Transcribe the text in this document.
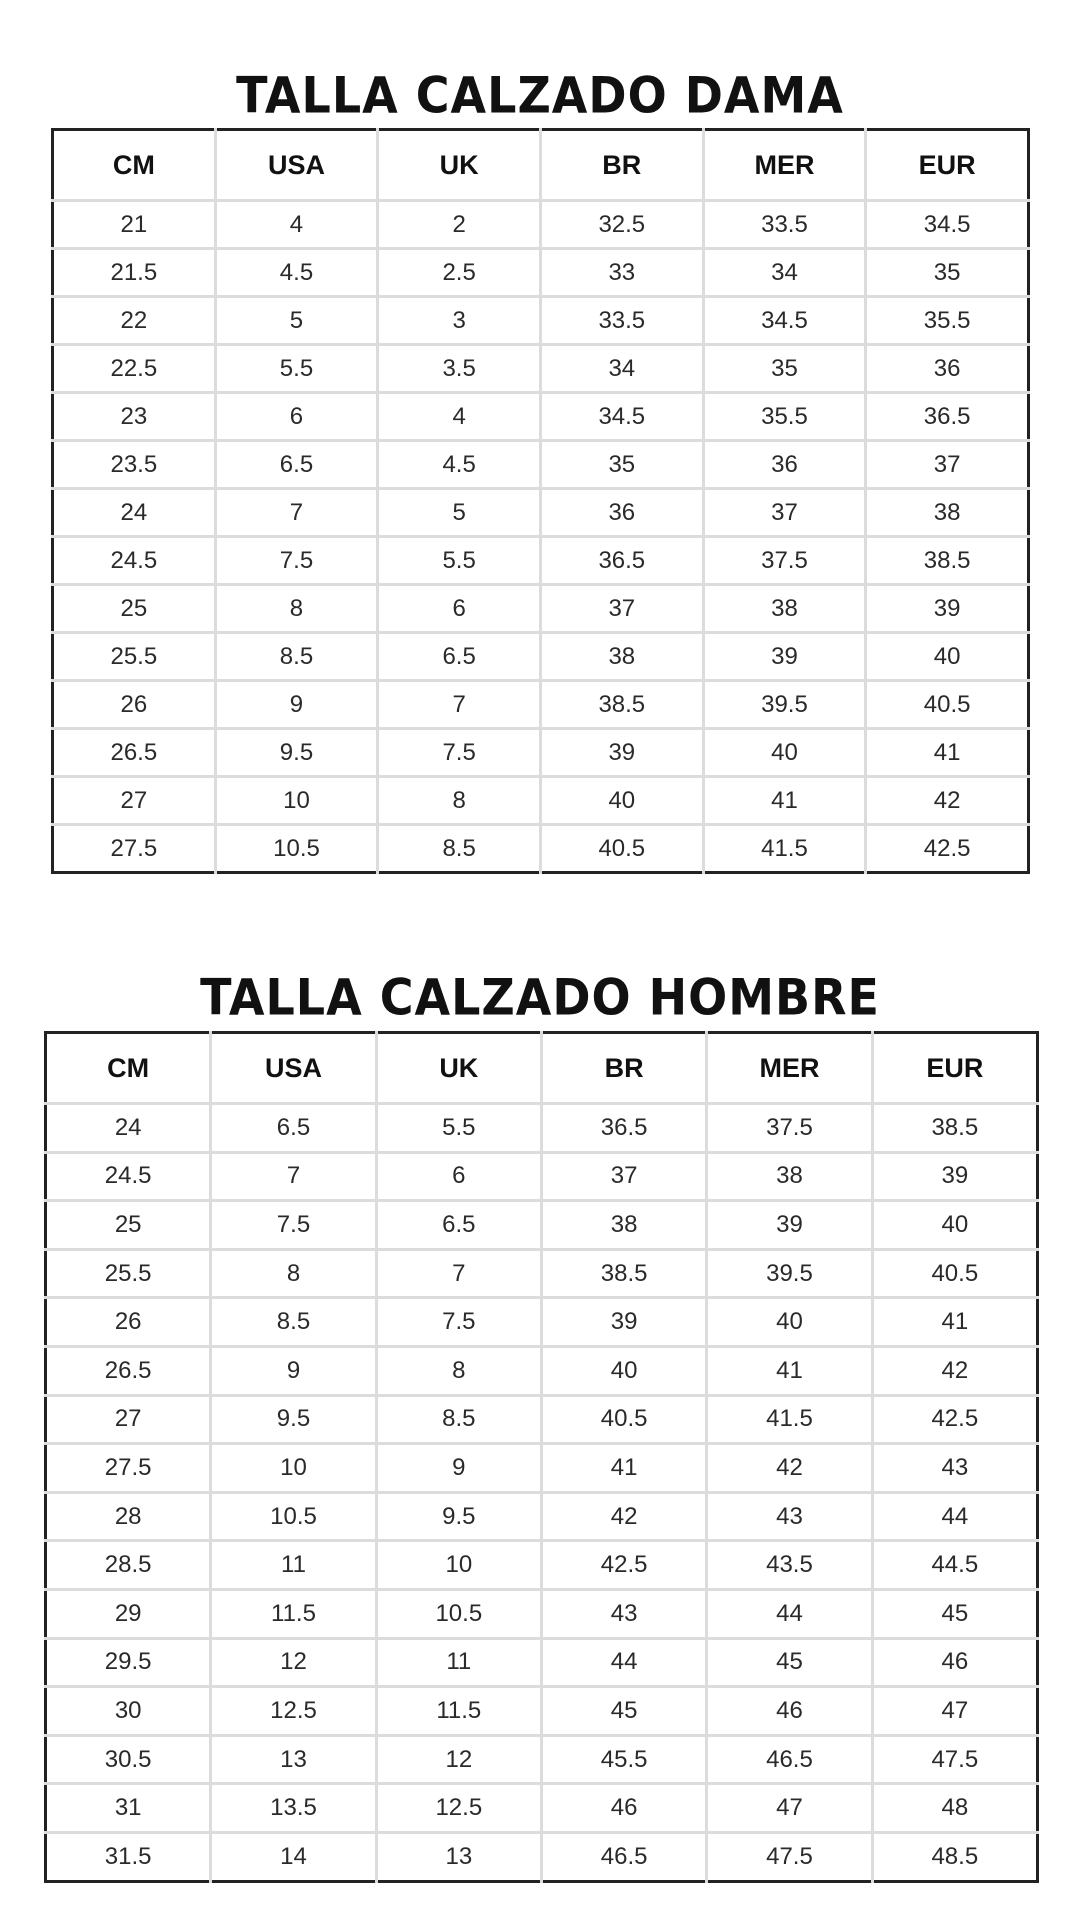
TALLA CALZADO DAMA
CM	USA	UK	BR	MER	EUR
21	4	2	32.5	33.5	34.5
21.5	4.5	2.5	33	34	35
22	5	3	33.5	34.5	35.5
22.5	5.5	3.5	34	35	36
23	6	4	34.5	35.5	36.5
23.5	6.5	4.5	35	36	37
24	7	5	36	37	38
24.5	7.5	5.5	36.5	37.5	38.5
25	8	6	37	38	39
25.5	8.5	6.5	38	39	40
26	9	7	38.5	39.5	40.5
26.5	9.5	7.5	39	40	41
27	10	8	40	41	42
27.5	10.5	8.5	40.5	41.5	42.5
TALLA CALZADO HOMBRE
CM	USA	UK	BR	MER	EUR
24	6.5	5.5	36.5	37.5	38.5
24.5	7	6	37	38	39
25	7.5	6.5	38	39	40
25.5	8	7	38.5	39.5	40.5
26	8.5	7.5	39	40	41
26.5	9	8	40	41	42
27	9.5	8.5	40.5	41.5	42.5
27.5	10	9	41	42	43
28	10.5	9.5	42	43	44
28.5	11	10	42.5	43.5	44.5
29	11.5	10.5	43	44	45
29.5	12	11	44	45	46
30	12.5	11.5	45	46	47
30.5	13	12	45.5	46.5	47.5
31	13.5	12.5	46	47	48
31.5	14	13	46.5	47.5	48.5
